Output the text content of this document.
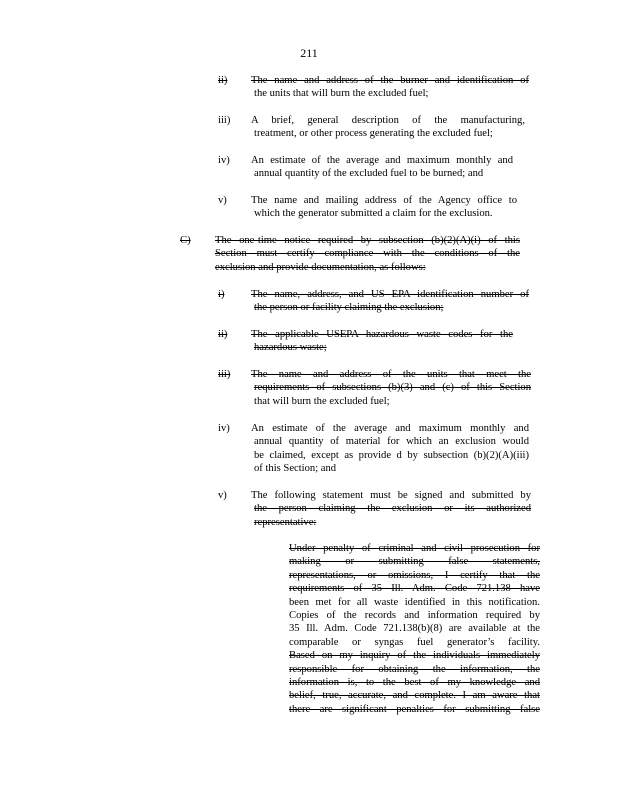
211
ii) The name and address of the burner and identification of
the units that will burn the excluded fuel;
iii) A brief, general description of the manufacturing,
treatment, or other process generating the excluded fuel;
iv) An estimate of the average and maximum monthly and
annual quantity of the excluded fuel to be burned; and
v) The name and mailing address of the Agency office to
which the generator submitted a claim for the exclusion.
C) The one-time notice required by subsection (b)(2)(A)(i) of this
Section must certify compliance with the conditions of the
exclusion and provide documentation, as follows:
i)	The name, address, and US EPA identification number of
the person or facility claiming the exclusion;
ii) The applicable USEPA hazardous waste codes for the
hazardous waste;
iii) The name and address of the units that meet the
requirements of subsections (b)(3) and (c) of this Section
that will burn the excluded fuel;
iv) An estimate of the average and maximum monthly and
annual quantity of material for which an exclusion would
be claimed, except as provide d by subsection (b)(2)(A)(iii)
of this Section; and
v) The following statement must be signed and submitted by
the person claiming the exclusion or its authorized
representative:
Under penalty of criminal and civil prosecution for
making or submitting false statements,
representations, or omissions, I certify that the
requirements of 35 Ill. Adm. Code 721.138 have
been met for all waste identified in this notification.
Copies of the records and information required by
35 Ill. Adm. Code 721.138(b)(8) are available at the
comparable or syngas fuel generator’s facility.
Based on my inquiry of the individuals immediately
responsible for obtaining the information, the
information is, to the best of my knowledge and
belief, true, accurate, and complete. I am aware that
there are significant penalties for submitting false
